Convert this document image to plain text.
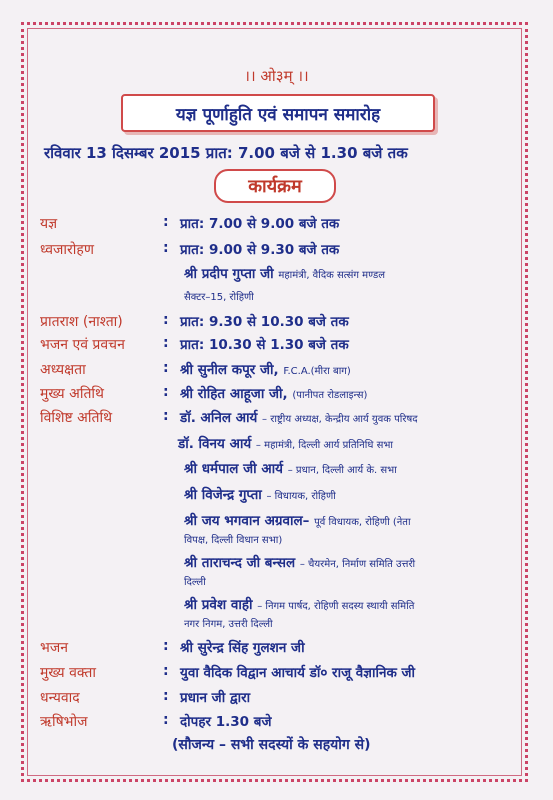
।। ओ३म् ।।
यज्ञ पूर्णाहुति एवं समापन समारोह
रविवार 13 दिसम्बर 2015 प्रात: 7.00 बजे से 1.30 बजे तक
कार्यक्रम
यज्ञ	: प्रात: 7.00 से 9.00 बजे तक
ध्वजारोहण	: प्रात: 9.00 से 9.30 बजे तक
श्री प्रदीप गुप्ता जी महामंत्री, वैदिक सत्संग मण्डल
सैक्टर–15, रोहिणी
प्रातराश (नाश्ता)	: प्रात: 9.30 से 10.30 बजे तक
भजन एवं प्रवचन	: प्रात: 10.30 से 1.30 बजे तक
अध्यक्षता	: श्री सुनील कपूर जी, F.C.A.(मीरा बाग)
मुख्य अतिथि	: श्री रोहित आहूजा जी, (पानीपत रोडलाइन्स)
विशिष्ट अतिथि	: डॉ. अनिल आर्य – राष्ट्रीय अध्यक्ष, केन्द्रीय आर्य युवक परिषद
डॉ. विनय आर्य – महामंत्री, दिल्ली आर्य प्रतिनिधि सभा
श्री धर्मपाल जी आर्य – प्रधान, दिल्ली आर्य के. सभा
श्री विजेन्द्र गुप्ता – विधायक, रोहिणी
श्री जय भगवान अग्रवाल– पूर्व विधायक, रोहिणी (नेता
विपक्ष, दिल्ली विधान सभा)
श्री ताराचन्द जी बन्सल – चैयरमेन, निर्माण समिति उत्तरी
दिल्ली
श्री प्रवेश वाही – निगम पार्षद, रोहिणी सदस्य स्थायी समिति
नगर निगम, उत्तरी दिल्ली
भजन	: श्री सुरेन्द्र सिंह गुलशन जी
मुख्य वक्ता	: युवा वैदिक विद्वान आचार्य डॉ० राजू वैज्ञानिक जी
धन्यवाद	: प्रधान जी द्वारा
ऋषिभोज	: दोपहर 1.30 बजे
(सौजन्य – सभी सदस्यों के सहयोग से)
